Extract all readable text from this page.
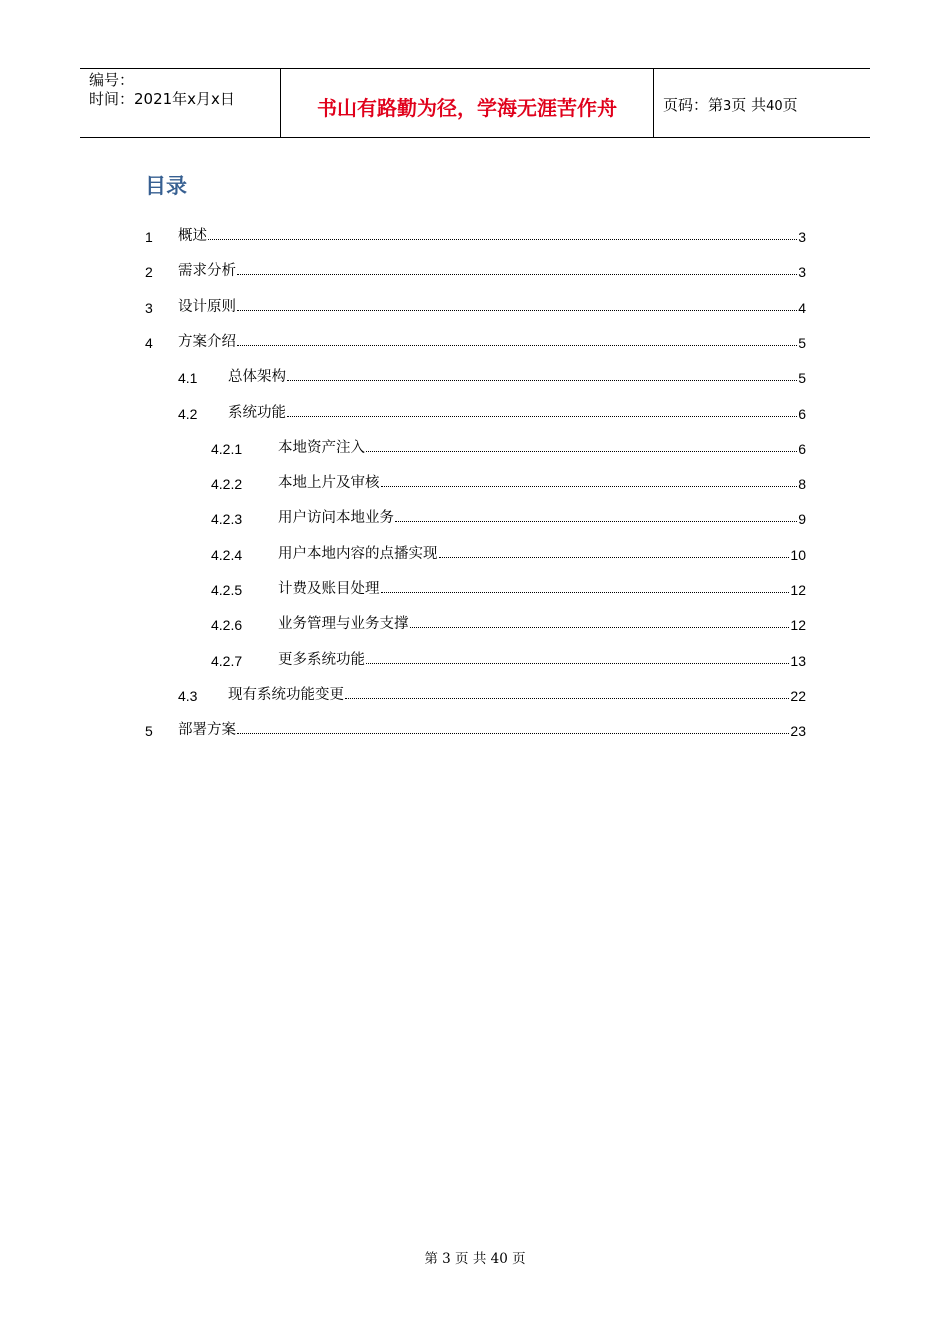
编号：
时间：2021年x月x日	书山有路勤为径，学海无涯苦作舟	页码：第3页 共40页
目录
1	概述	3
2	需求分析	3
3	设计原则	4
4	方案介绍	5
4.1	总体架构	5
4.2	系统功能	6
4.2.1	本地资产注入	6
4.2.2	本地上片及审核	8
4.2.3	用户访问本地业务	9
4.2.4	用户本地内容的点播实现	10
4.2.5	计费及账目处理	12
4.2.6	业务管理与业务支撑	12
4.2.7	更多系统功能	13
4.3	现有系统功能变更	22
5	部署方案	23
第 3 页 共 40 页
